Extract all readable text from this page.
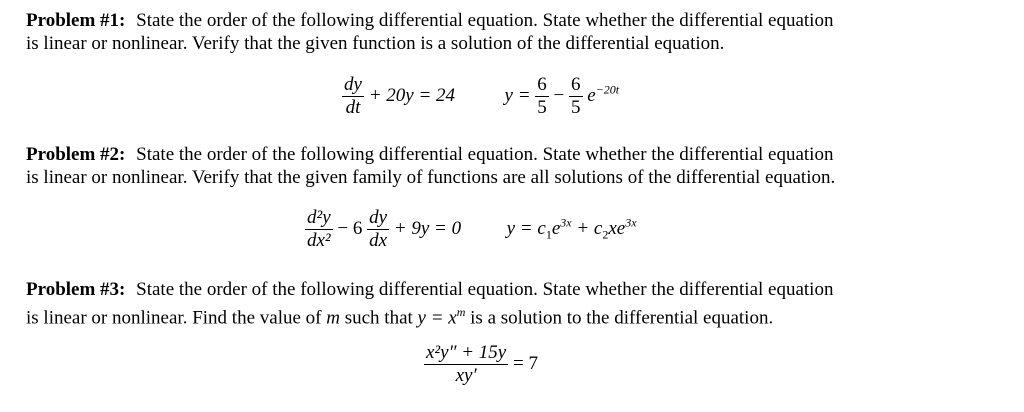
Problem #1: State the order of the following differential equation. State whether the differential equation
is linear or nonlinear. Verify that the given function is a solution of the differential equation.
$\frac{dy}{dt} + 20y = 24$	$y = \frac{6}{5} - \frac{6}{5} e^{-20t}$
Problem #2: State the order of the following differential equation. State whether the differential equation
is linear or nonlinear. Verify that the given family of functions are all solutions of the differential equation.
$\frac{\text{d²y}}{\text{dx²}} - 6 \frac{dy}{dx} + 9y = 0$ $y = c_1e^{3x} + c_2xe^{3x}$
Problem #3: State the order of the following differential equation. State whether the differential equation
is linear or nonlinear. Find the value of m such that $y = x^m$ is a solution to the differential equation.
$\frac{\text{x²y″ + 15y}}{xy'} = 7$
